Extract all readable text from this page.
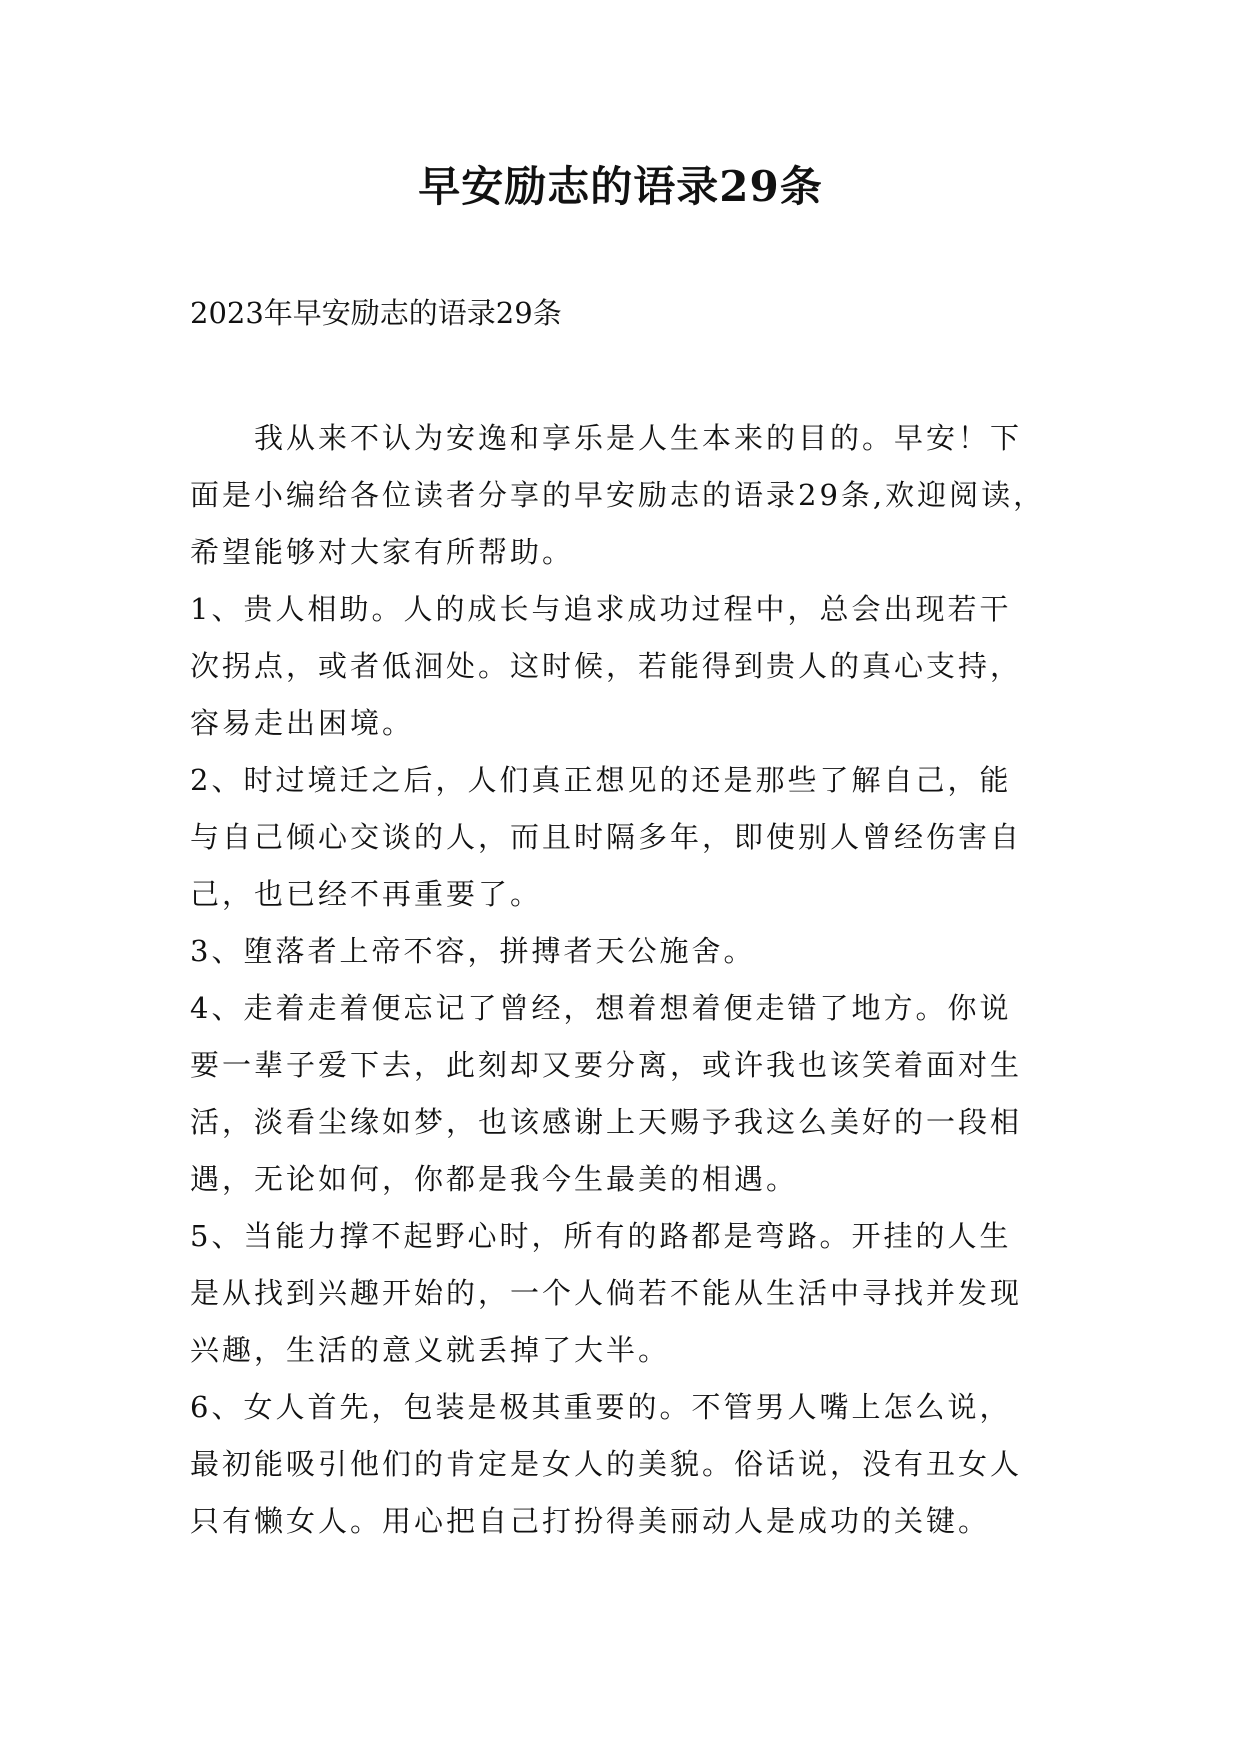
早安励志的语录29条
2023年早安励志的语录29条
　　我从来不认为安逸和享乐是人生本来的目的。早安！下
面是小编给各位读者分享的早安励志的语录29条,欢迎阅读，
希望能够对大家有所帮助。
1、贵人相助。人的成长与追求成功过程中，总会出现若干
次拐点，或者低洄处。这时候，若能得到贵人的真心支持，
容易走出困境。
2、时过境迁之后，人们真正想见的还是那些了解自己，能
与自己倾心交谈的人，而且时隔多年，即使别人曾经伤害自
己，也已经不再重要了。
3、堕落者上帝不容，拼搏者天公施舍。
4、走着走着便忘记了曾经，想着想着便走错了地方。你说
要一辈子爱下去，此刻却又要分离，或许我也该笑着面对生
活，淡看尘缘如梦，也该感谢上天赐予我这么美好的一段相
遇，无论如何，你都是我今生最美的相遇。
5、当能力撑不起野心时，所有的路都是弯路。开挂的人生
是从找到兴趣开始的，一个人倘若不能从生活中寻找并发现
兴趣，生活的意义就丢掉了大半。
6、女人首先，包装是极其重要的。不管男人嘴上怎么说，
最初能吸引他们的肯定是女人的美貌。俗话说，没有丑女人
只有懒女人。用心把自己打扮得美丽动人是成功的关键。
